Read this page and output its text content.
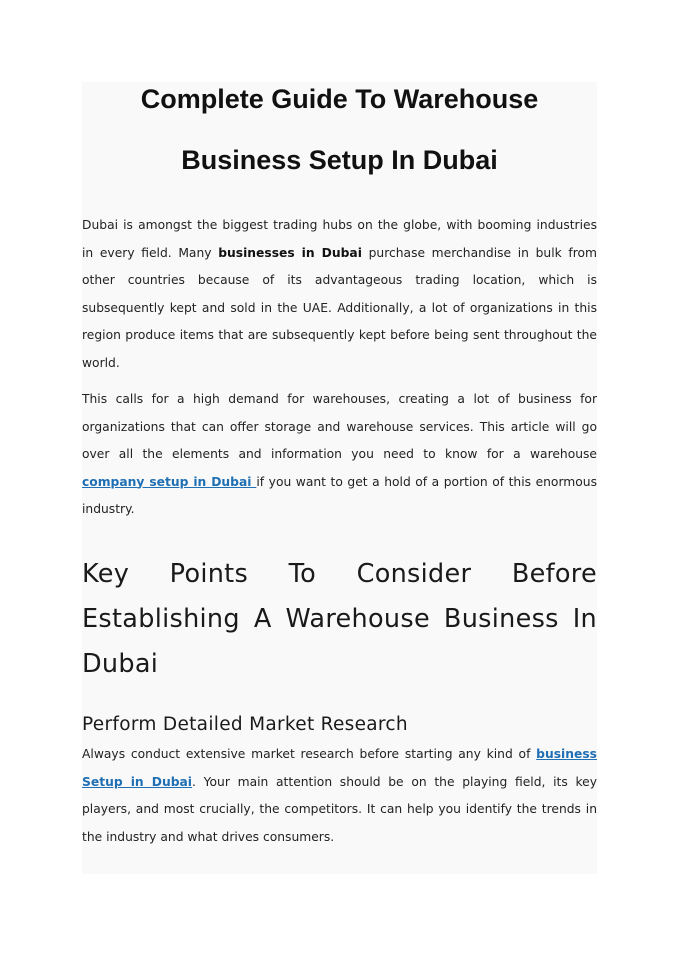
Complete Guide To Warehouse
Business Setup In Dubai

Dubai is amongst the biggest trading hubs on the globe, with booming industries in every field. Many businesses in Dubai purchase merchandise in bulk from other countries because of its advantageous trading location, which is subsequently kept and sold in the UAE. Additionally, a lot of organizations in this region produce items that are subsequently kept before being sent throughout the world.

This calls for a high demand for warehouses, creating a lot of business for organizations that can offer storage and warehouse services. This article will go over all the elements and information you need to know for a warehouse company setup in Dubai if you want to get a hold of a portion of this enormous industry.

Key Points To Consider Before Establishing A Warehouse Business In Dubai
Perform Detailed Market Research

Always conduct extensive market research before starting any kind of business Setup in Dubai. Your main attention should be on the playing field, its key players, and most crucially, the competitors. It can help you identify the trends in the industry and what drives consumers.
